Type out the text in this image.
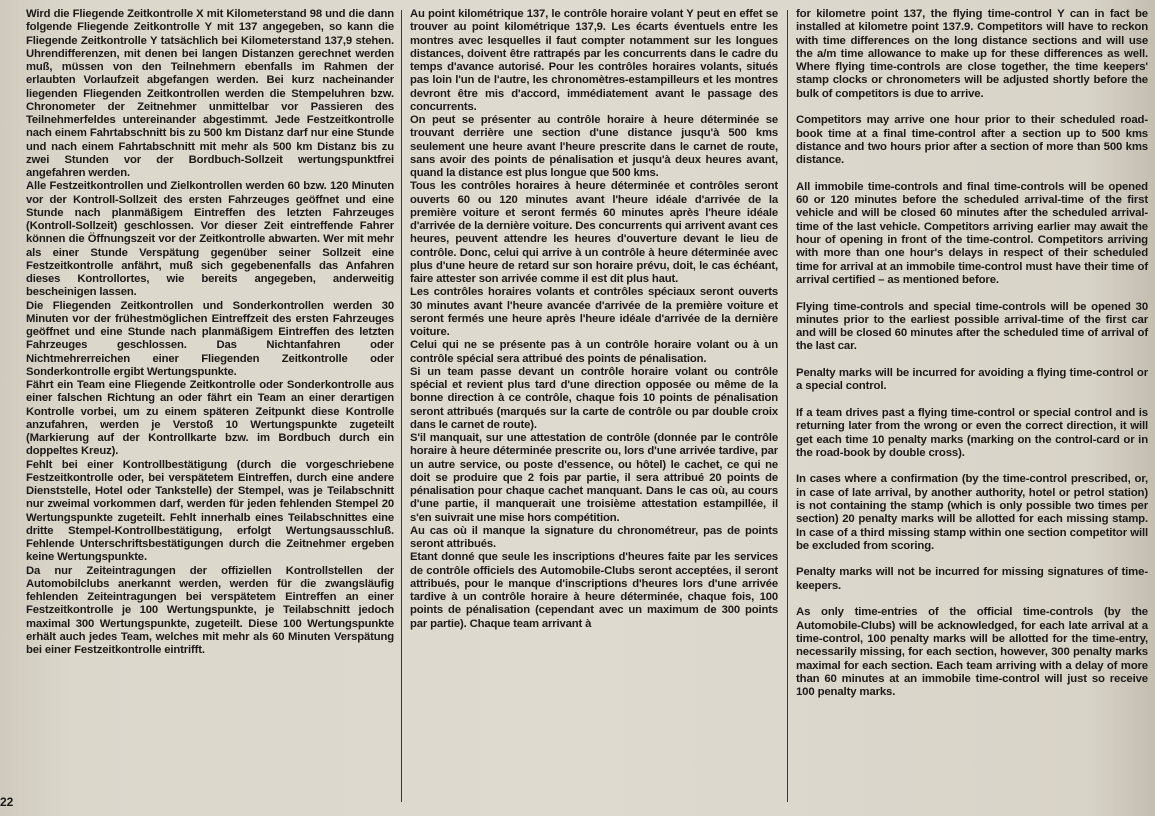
Wird die Fliegende Zeitkontrolle X mit Kilometerstand 98 und die dann folgende Fliegende Zeitkontrolle Y mit 137 angegeben, so kann die Fliegende Zeitkontrolle Y tatsächlich bei Kilometerstand 137,9 stehen. Uhrendifferenzen, mit denen bei langen Distanzen gerechnet werden muß, müssen von den Teilnehmern ebenfalls im Rahmen der erlaubten Vorlaufzeit abgefangen werden. Bei kurz nacheinander liegenden Fliegenden Zeitkontrollen werden die Stempeluhren bzw. Chronometer der Zeitnehmer unmittelbar vor Passieren des Teilnehmerfeldes untereinander abgestimmt. Jede Festzeitkontrolle nach einem Fahrtabschnitt bis zu 500 km Distanz darf nur eine Stunde und nach einem Fahrtabschnitt mit mehr als 500 km Distanz bis zu zwei Stunden vor der Bordbuch-Sollzeit wertungspunktfrei angefahren werden.

Alle Festzeitkontrollen und Zielkontrollen werden 60 bzw. 120 Minuten vor der Kontroll-Sollzeit des ersten Fahrzeuges geöffnet und eine Stunde nach planmäßigem Eintreffen des letzten Fahrzeuges (Kontroll-Sollzeit) geschlossen. Vor dieser Zeit eintreffende Fahrer können die Öffnungszeit vor der Zeitkontrolle abwarten. Wer mit mehr als einer Stunde Verspätung gegenüber seiner Sollzeit eine Festzeitkontrolle anfährt, muß sich gegebenenfalls das Anfahren dieses Kontrollortes, wie bereits angegeben, anderweitig bescheinigen lassen.

Die Fliegenden Zeitkontrollen und Sonderkontrollen werden 30 Minuten vor der frühestmöglichen Eintreffzeit des ersten Fahrzeuges geöffnet und eine Stunde nach planmäßigem Eintreffen des letzten Fahrzeuges geschlossen. Das Nichtanfahren oder Nichtmehrerreichen einer Fliegenden Zeitkontrolle oder Sonderkontrolle ergibt Wertungspunkte.

Fährt ein Team eine Fliegende Zeitkontrolle oder Sonderkontrolle aus einer falschen Richtung an oder fährt ein Team an einer derartigen Kontrolle vorbei, um zu einem späteren Zeitpunkt diese Kontrolle anzufahren, werden je Verstoß 10 Wertungspunkte zugeteilt (Markierung auf der Kontrollkarte bzw. im Bordbuch durch ein doppeltes Kreuz).

Fehlt bei einer Kontrollbestätigung (durch die vorgeschriebene Festzeitkontrolle oder, bei verspätetem Eintreffen, durch eine andere Dienststelle, Hotel oder Tankstelle) der Stempel, was je Teilabschnitt nur zweimal vorkommen darf, werden für jeden fehlenden Stempel 20 Wertungspunkte zugeteilt. Fehlt innerhalb eines Teilabschnittes eine dritte Stempel-Kontrollbestätigung, erfolgt Wertungsausschluß. Fehlende Unterschriftsbestätigungen durch die Zeitnehmer ergeben keine Wertungspunkte.

Da nur Zeiteintragungen der offiziellen Kontrollstellen der Automobilclubs anerkannt werden, werden für die zwangsläufig fehlenden Zeiteintragungen bei verspätetem Eintreffen an einer Festzeitkontrolle je 100 Wertungspunkte, je Teilabschnitt jedoch maximal 300 Wertungspunkte, zugeteilt. Diese 100 Wertungspunkte erhält auch jedes Team, welches mit mehr als 60 Minuten Verspätung bei einer Festzeitkontrolle eintrifft.

Au point kilométrique 137, le contrôle horaire volant Y peut en effet se trouver au point kilométrique 137,9. Les écarts éventuels entre les montres avec lesquelles il faut compter notamment sur les longues distances, doivent être rattrapés par les concurrents dans le cadre du temps d'avance autorisé. Pour les contrôles horaires volants, situés pas loin l'un de l'autre, les chronomètres-estampilleurs et les montres devront être mis d'accord, immédiatement avant le passage des concurrents.

On peut se présenter au contrôle horaire à heure déterminée se trouvant derrière une section d'une distance jusqu'à 500 kms seulement une heure avant l'heure prescrite dans le carnet de route, sans avoir des points de pénalisation et jusqu'à deux heures avant, quand la distance est plus longue que 500 kms.

Tous les contrôles horaires à heure déterminée et contrôles seront ouverts 60 ou 120 minutes avant l'heure idéale d'arrivée de la première voiture et seront fermés 60 minutes après l'heure idéale d'arrivée de la dernière voiture. Des concurrents qui arrivent avant ces heures, peuvent attendre les heures d'ouverture devant le lieu de contrôle. Donc, celui qui arrive à un contrôle à heure déterminée avec plus d'une heure de retard sur son horaire prévu, doit, le cas échéant, faire attester son arrivée comme il est dit plus haut.

Les contrôles horaires volants et contrôles spéciaux seront ouverts 30 minutes avant l'heure avancée d'arrivée de la première voiture et seront fermés une heure après l'heure idéale d'arrivée de la dernière voiture.

Celui qui ne se présente pas à un contrôle horaire volant ou à un contrôle spécial sera attribué des points de pénalisation.

Si un team passe devant un contrôle horaire volant ou contrôle spécial et revient plus tard d'une direction opposée ou même de la bonne direction à ce contrôle, chaque fois 10 points de pénalisation seront attribués (marqués sur la carte de contrôle ou par double croix dans le carnet de route).

S'il manquait, sur une attestation de contrôle (donnée par le contrôle horaire à heure déterminée prescrite ou, lors d'une arrivée tardive, par un autre service, ou poste d'essence, ou hôtel) le cachet, ce qui ne doit se produire que 2 fois par partie, il sera attribué 20 points de pénalisation pour chaque cachet manquant. Dans le cas où, au cours d'une partie, il manquerait une troisième attestation estampillée, il s'en suivrait une mise hors compétition.

Au cas où il manque la signature du chronométreur, pas de points seront attribués.

Etant donné que seule les inscriptions d'heures faite par les services de contrôle officiels des Automobile-Clubs seront acceptées, il seront attribués, pour le manque d'inscriptions d'heures lors d'une arrivée tardive à un contrôle horaire à heure déterminée, chaque fois, 100 points de pénalisation (cependant avec un maximum de 300 points par partie). Chaque team arrivant à

for kilometre point 137, the flying time-control Y can in fact be installed at kilometre point 137.9. Competitors will have to reckon with time differences on the long distance sections and will use the a/m time allowance to make up for these differences as well. Where flying time-controls are close together, the time keepers' stamp clocks or chronometers will be adjusted shortly before the bulk of competitors is due to arrive.

Competitors may arrive one hour prior to their scheduled road-book time at a final time-control after a section up to 500 kms distance and two hours prior after a section of more than 500 kms distance.

All immobile time-controls and final time-controls will be opened 60 or 120 minutes before the scheduled arrival-time of the first vehicle and will be closed 60 minutes after the scheduled arrival-time of the last vehicle. Competitors arriving earlier may await the hour of opening in front of the time-control. Competitors arriving with more than one hour's delays in respect of their scheduled time for arrival at an immobile time-control must have their time of arrival certified – as mentioned before.

Flying time-controls and special time-controls will be opened 30 minutes prior to the earliest possible arrival-time of the first car and will be closed 60 minutes after the scheduled time of arrival of the last car.

Penalty marks will be incurred for avoiding a flying time-control or a special control.

If a team drives past a flying time-control or special control and is returning later from the wrong or even the correct direction, it will get each time 10 penalty marks (marking on the control-card or in the road-book by double cross).

In cases where a confirmation (by the time-control prescribed, or, in case of late arrival, by another authority, hotel or petrol station) is not containing the stamp (which is only possible two times per section) 20 penalty marks will be allotted for each missing stamp. In case of a third missing stamp within one section competitor will be excluded from scoring.

Penalty marks will not be incurred for missing signatures of time-keepers.

As only time-entries of the official time-controls (by the Automobile-Clubs) will be acknowledged, for each late arrival at a time-control, 100 penalty marks will be allotted for the time-entry, necessarily missing, for each section, however, 300 penalty marks maximal for each section. Each team arriving with a delay of more than 60 minutes at an immobile time-control will just so receive 100 penalty marks.

22
